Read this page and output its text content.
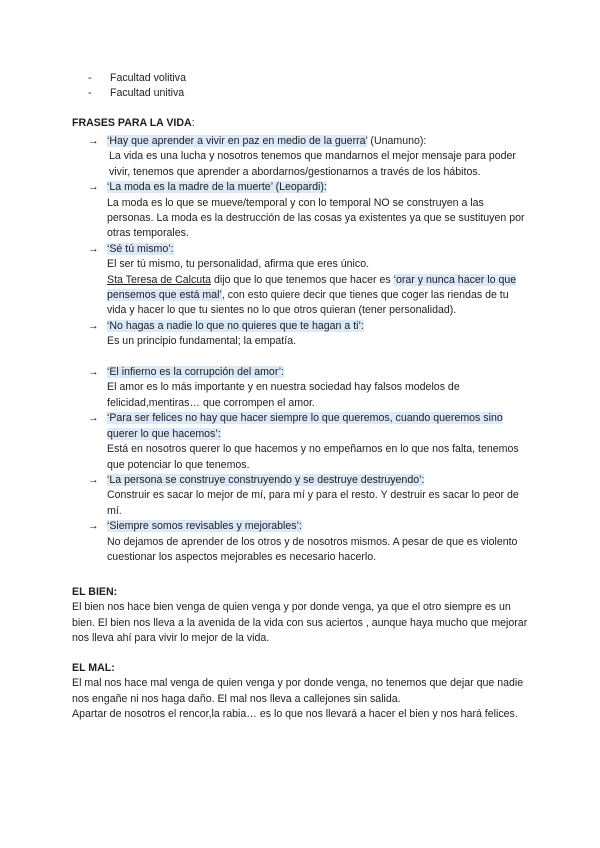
-	Facultad volitiva
-	Facultad unitiva
FRASES PARA LA VIDA:
→ ‘Hay que aprender a vivir en paz en medio de la guerra’ (Unamuno):
La vida es una lucha y nosotros tenemos que mandarnos el mejor mensaje para poder vivir, tenemos que aprender a abordarnos/gestionarnos a través de los hábitos.
→ ‘La moda es la madre de la muerte’ (Leopardi):
La moda es lo que se mueve/temporal y con lo temporal NO se construyen a las personas. La moda es la destrucción de las cosas ya existentes ya que se sustituyen por otras temporales.
→ ‘Sé tú mismo’:
El ser tú mismo, tu personalidad, afirma que eres único.
Sta Teresa de Calcuta dijo que lo que tenemos que hacer es ‘orar y nunca hacer lo que pensemos que está mal’, con esto quiere decir que tienes que coger las riendas de tu vida y hacer lo que tu sientes no lo que otros quieran (tener personalidad).
→ ‘No hagas a nadie lo que no quieres que te hagan a ti’:
Es un principio fundamental; la empatía.
→ ‘El infierno es la corrupción del amor’:
El amor es lo más importante y en nuestra sociedad hay falsos modelos de felicidad,mentiras… que corrompen el amor.
→ ‘Para ser felices no hay que hacer siempre lo que queremos, cuando queremos sino querer lo que hacemos’:
Está en nosotros querer lo que hacemos y no empeñarnos en lo que nos falta, tenemos que potenciar lo que tenemos.
→ ‘La persona se construye construyendo y se destruye destruyendo’:
Construir es sacar lo mejor de mí, para mí y para el resto. Y destruir es sacar lo peor de mí.
→ ‘Siempre somos revisables y mejorables’:
No dejamos de aprender de los otros y de nosotros mismos. A pesar de que es violento cuestionar los aspectos mejorables es necesario hacerlo.
EL BIEN:
El bien nos hace bien venga de quien venga y por donde venga, ya que el otro siempre es un bien. El bien nos lleva a la avenida de la vida con sus aciertos , aunque haya mucho que mejorar nos lleva ahí para vivir lo mejor de la vida.
EL MAL:
El mal nos hace mal venga de quien venga y por donde venga, no tenemos que dejar que nadie nos engañe ni nos haga daño. El mal nos lleva a callejones sin salida.
Apartar de nosotros el rencor,la rabia… es lo que nos llevará a hacer el bien y nos hará felices.
